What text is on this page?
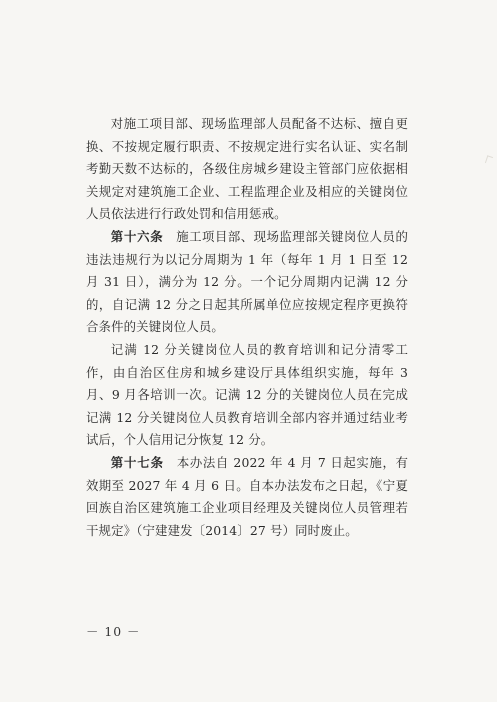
对施工项目部、现场监理部人员配备不达标、擅自更换、不按规定履行职责、不按规定进行实名认证、实名制考勤天数不达标的，各级住房城乡建设主管部门应依据相关规定对建筑施工企业、工程监理企业及相应的关键岗位人员依法进行行政处罚和信用惩戒。

第十六条　施工项目部、现场监理部关键岗位人员的违法违规行为以记分周期为 1 年（每年 1 月 1 日至 12 月 31 日），满分为 12 分。一个记分周期内记满 12 分的，自记满 12 分之日起其所属单位应按规定程序更换符合条件的关键岗位人员。

记满 12 分关键岗位人员的教育培训和记分清零工作，由自治区住房和城乡建设厅具体组织实施，每年 3 月、9 月各培训一次。记满 12 分的关键岗位人员在完成记满 12 分关键岗位人员教育培训全部内容并通过结业考试后，个人信用记分恢复 12 分。

第十七条　本办法自 2022 年 4 月 7 日起实施，有效期至 2027 年 4 月 6 日。自本办法发布之日起，《宁夏回族自治区建筑施工企业项目经理及关键岗位人员管理若干规定》（宁建建发〔2014〕27 号）同时废止。

－ 10 －
